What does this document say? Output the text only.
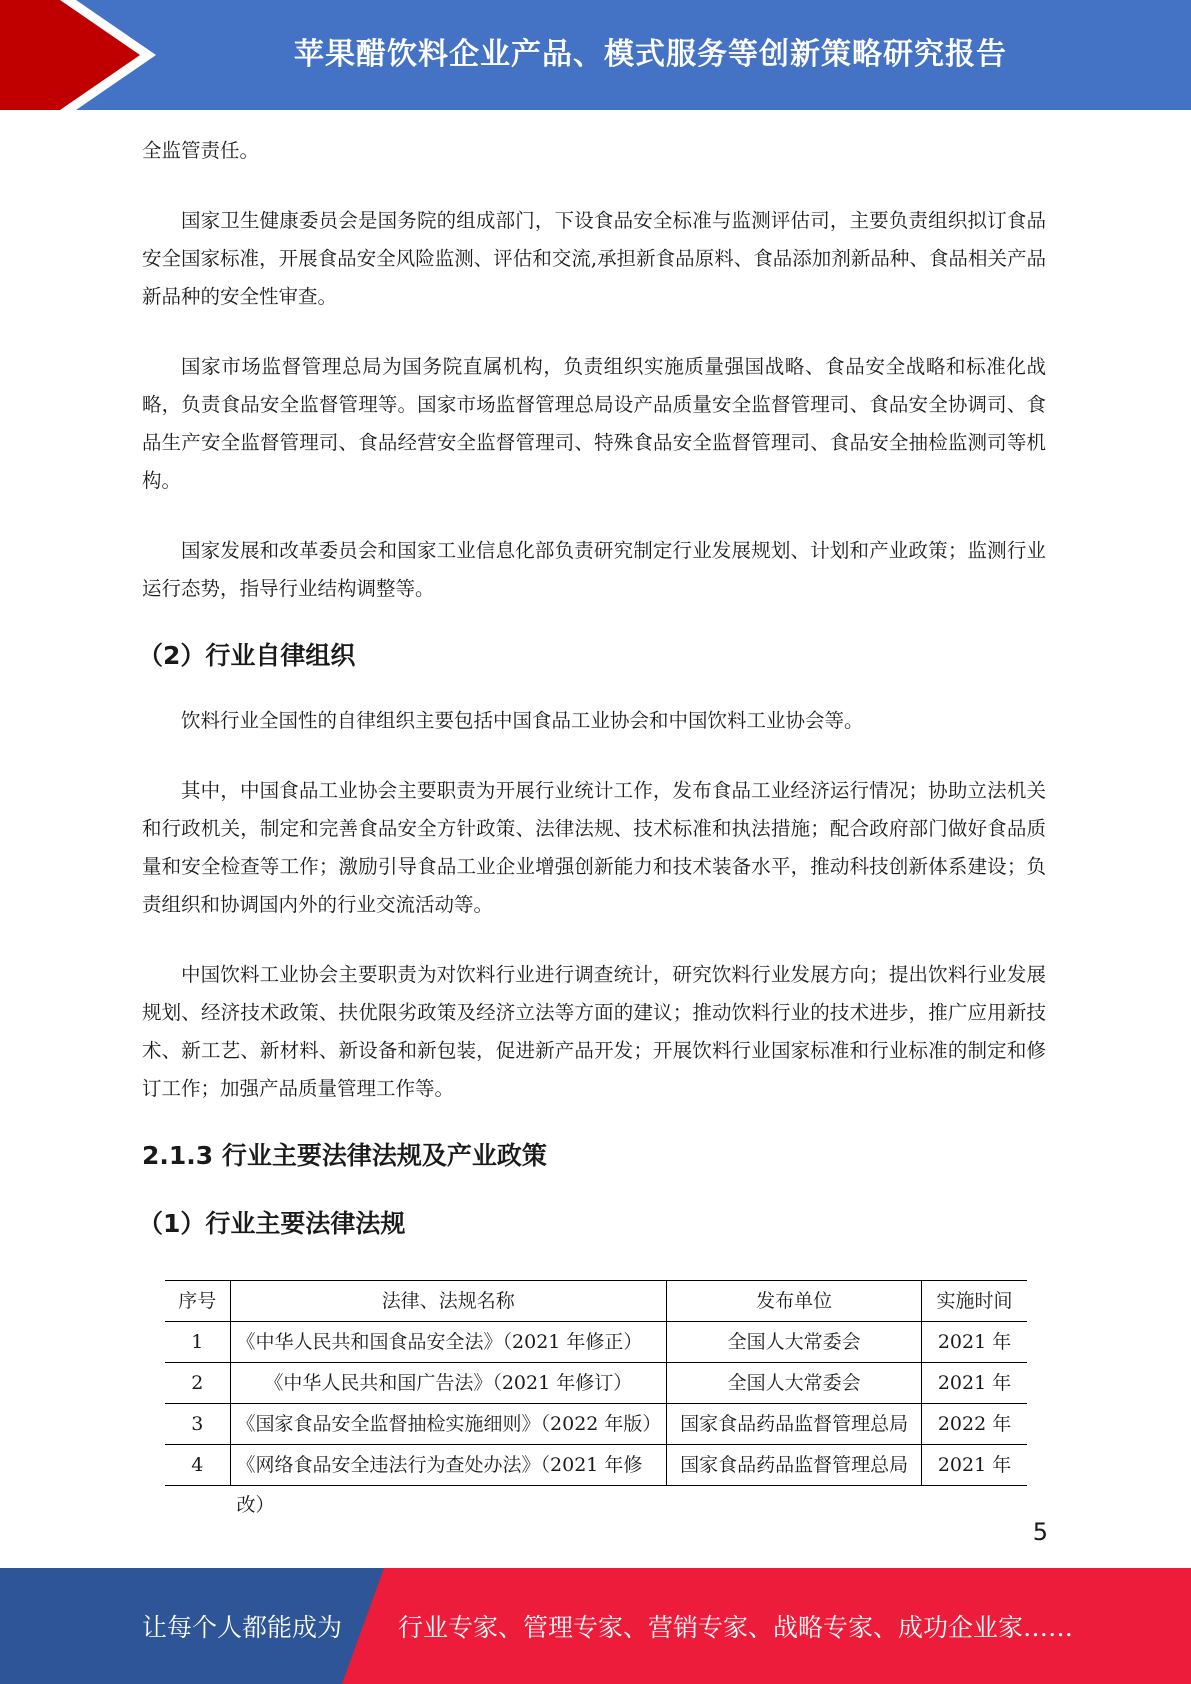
苹果醋饮料企业产品、模式服务等创新策略研究报告

全监管责任。

国家卫生健康委员会是国务院的组成部门，下设食品安全标准与监测评估司，主要负责组织拟订食品安全国家标准，开展食品安全风险监测、评估和交流,承担新食品原料、食品添加剂新品种、食品相关产品新品种的安全性审查。

国家市场监督管理总局为国务院直属机构，负责组织实施质量强国战略、食品安全战略和标准化战略，负责食品安全监督管理等。国家市场监督管理总局设产品质量安全监督管理司、食品安全协调司、食品生产安全监督管理司、食品经营安全监督管理司、特殊食品安全监督管理司、食品安全抽检监测司等机构。

国家发展和改革委员会和国家工业信息化部负责研究制定行业发展规划、计划和产业政策；监测行业运行态势，指导行业结构调整等。

（2）行业自律组织

饮料行业全国性的自律组织主要包括中国食品工业协会和中国饮料工业协会等。

其中，中国食品工业协会主要职责为开展行业统计工作，发布食品工业经济运行情况；协助立法机关和行政机关，制定和完善食品安全方针政策、法律法规、技术标准和执法措施；配合政府部门做好食品质量和安全检查等工作；激励引导食品工业企业增强创新能力和技术装备水平，推动科技创新体系建设；负责组织和协调国内外的行业交流活动等。

中国饮料工业协会主要职责为对饮料行业进行调查统计，研究饮料行业发展方向；提出饮料行业发展规划、经济技术政策、扶优限劣政策及经济立法等方面的建议；推动饮料行业的技术进步，推广应用新技术、新工艺、新材料、新设备和新包装，促进新产品开发；开展饮料行业国家标准和行业标准的制定和修订工作；加强产品质量管理工作等。

2.1.3 行业主要法律法规及产业政策
（1）行业主要法律法规
序号	法律、法规名称	发布单位	实施时间

1	《中华人民共和国食品安全法》（2021 年修正）	全国人大常委会	2021 年

2	《中华人民共和国广告法》（2021 年修订）	全国人大常委会	2021 年

3	《国家食品安全监督抽检实施细则》（2022 年版）	国家食品药品监督管理总局	2022 年

4	《网络食品安全违法行为查处办法》（2021 年修改）	国家食品药品监督管理总局	2021 年
5
让每个人都能成为 行业专家、管理专家、营销专家、战略专家、成功企业家……
